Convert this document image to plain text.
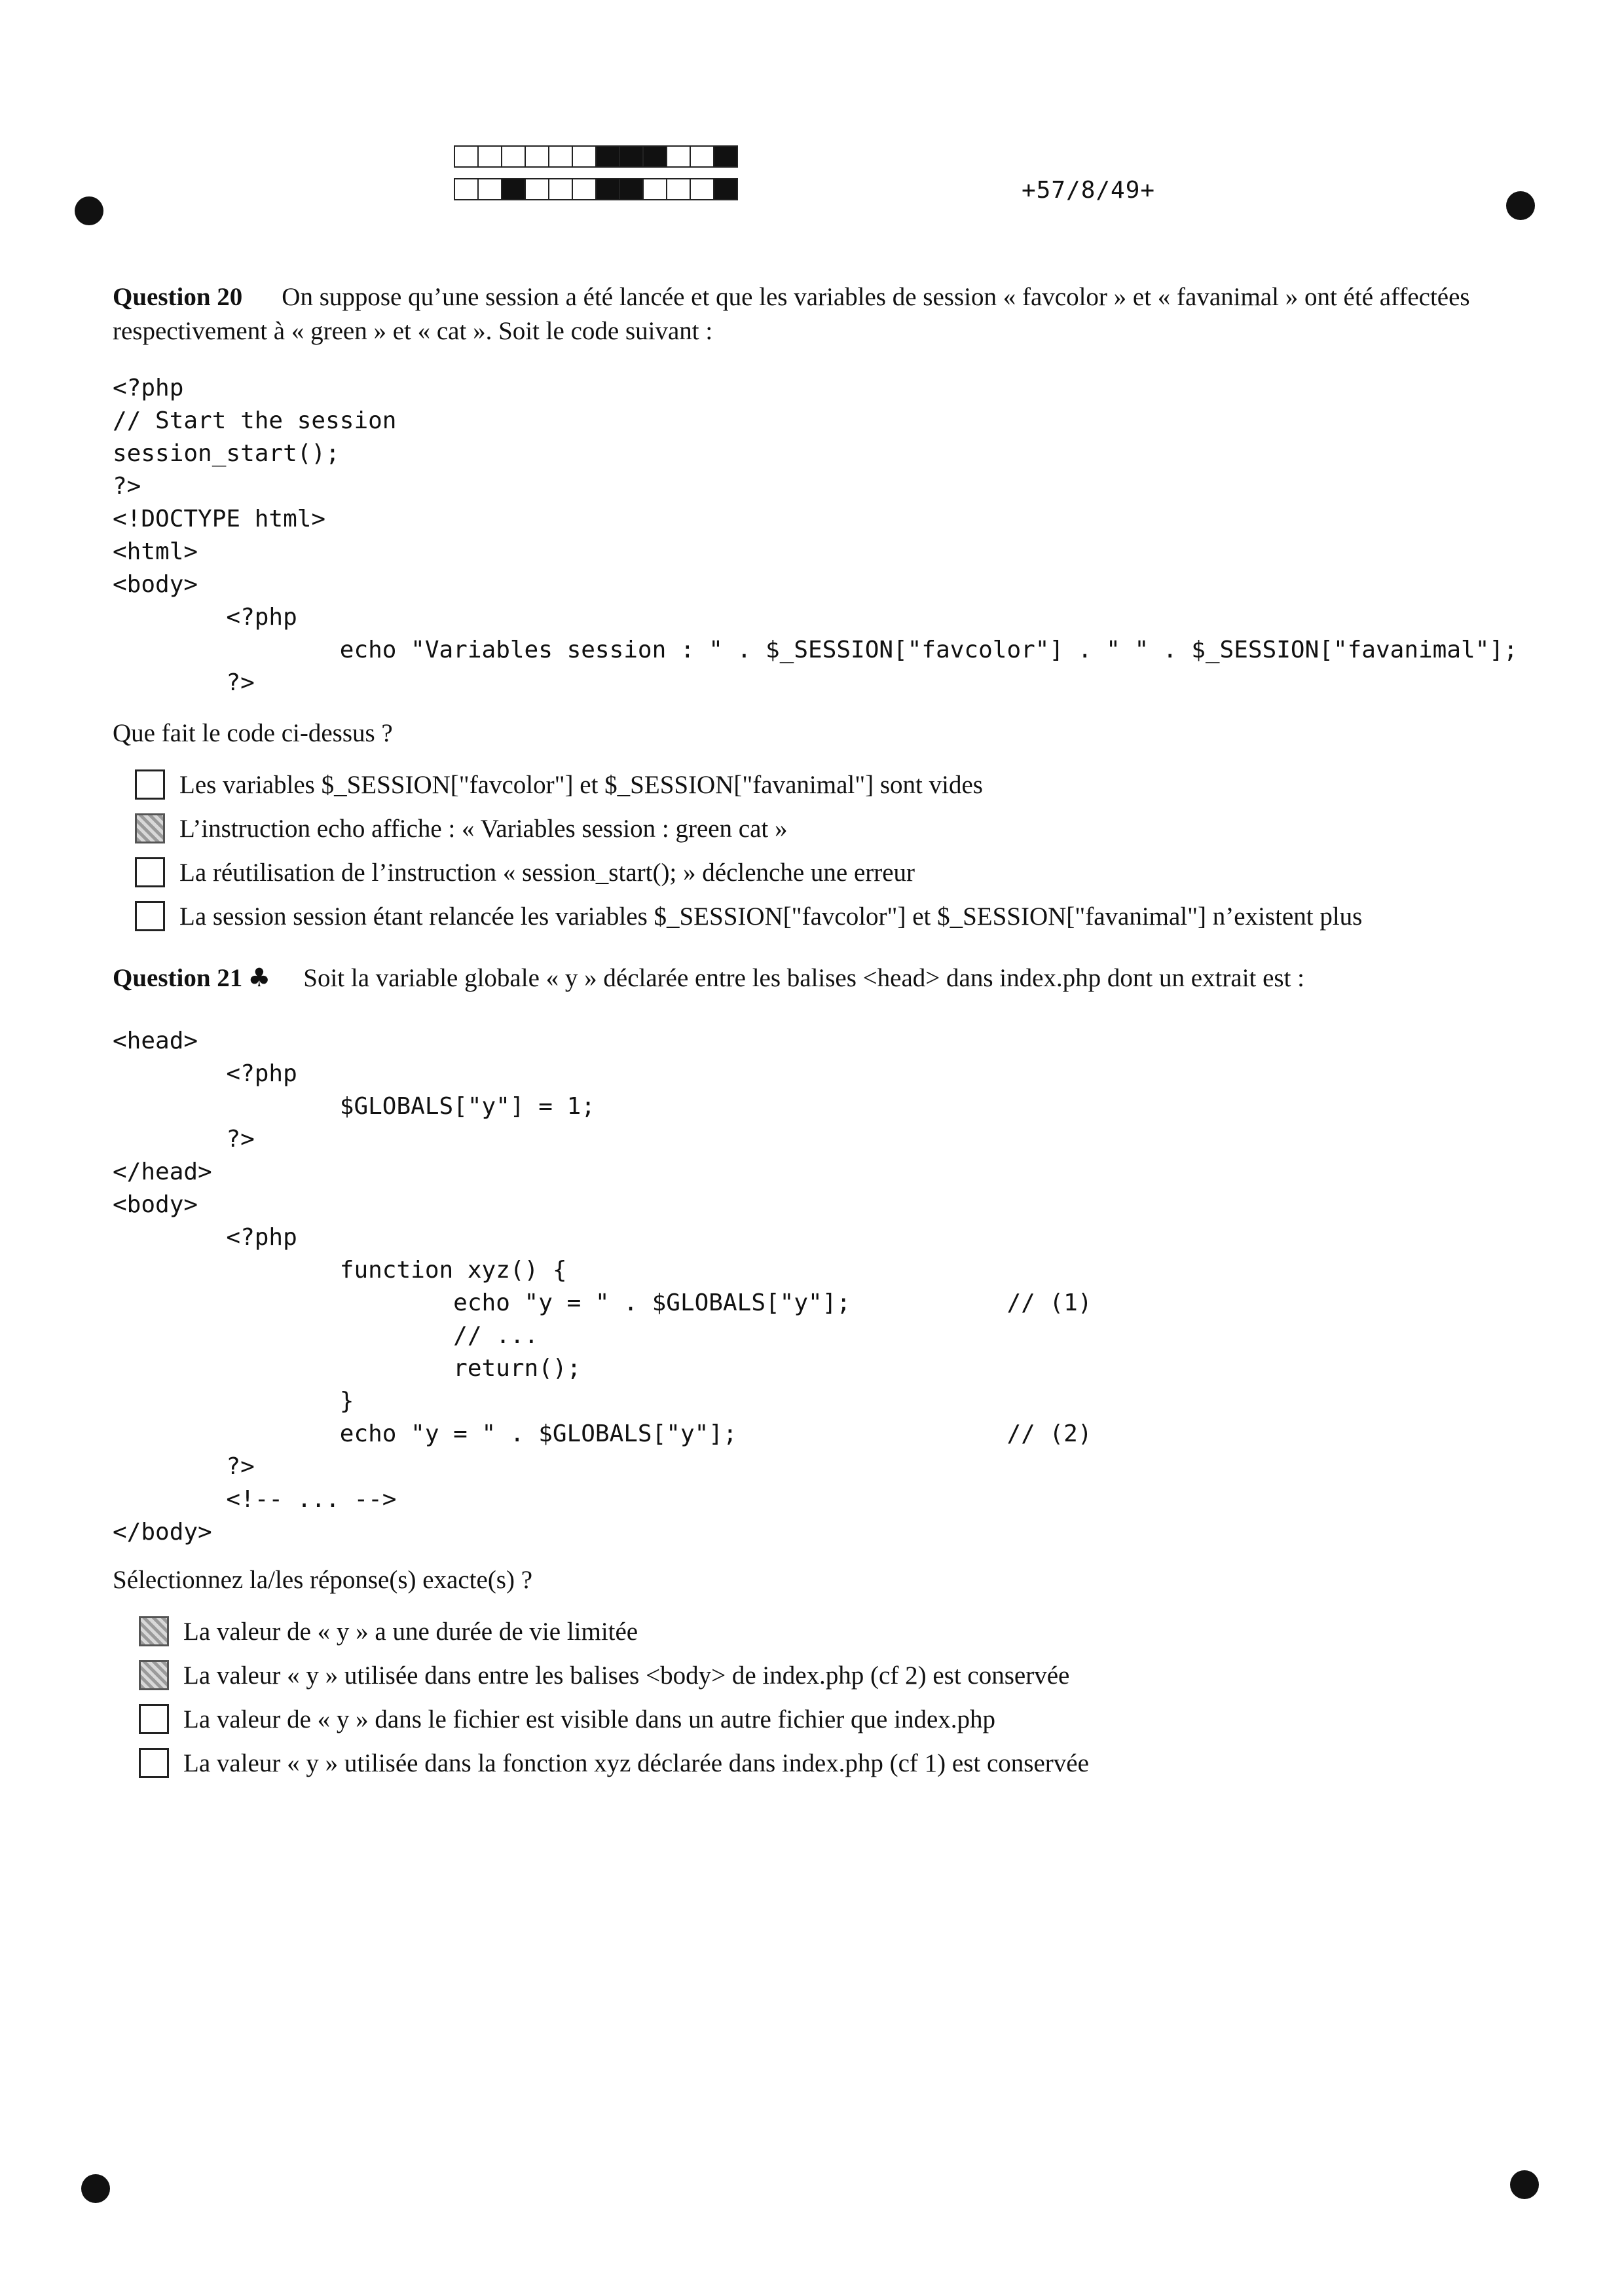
+57/8/49+
Question 20 On suppose qu’une session a été lancée et que les variables de session « favcolor » et « favanimal » ont été affectées respectivement à « green » et « cat ». Soit le code suivant :
<?php
// Start the session
session_start();
?>
<!DOCTYPE html>
<html>
<body>
<?php
echo "Variables session : " . $_SESSION["favcolor"] . " " . $_SESSION["favanimal"];
?>
Que fait le code ci-dessus ?
Les variables $_SESSION["favcolor"] et $_SESSION["favanimal"] sont vides
L’instruction echo affiche : « Variables session : green cat »
La réutilisation de l’instruction « session_start(); » déclenche une erreur
La session session étant relancée les variables $_SESSION["favcolor"] et $_SESSION["favanimal"] n’existent plus
Question 21 ♣ Soit la variable globale « y » déclarée entre les balises <head> dans index.php dont un extrait est :
<head>
<?php
$GLOBALS["y"] = 1;
?>
</head>
<body>
<?php
function xyz() {
echo "y = " . $GLOBALS["y"];           // (1)
// ...
return();
}
echo "y = " . $GLOBALS["y"];                   // (2)
?>
<!-- ... -->
</body>
Sélectionnez la/les réponse(s) exacte(s) ?
La valeur de « y » a une durée de vie limitée
La valeur « y » utilisée dans entre les balises <body> de index.php (cf 2) est conservée
La valeur de « y » dans le fichier est visible dans un autre fichier que index.php
La valeur « y » utilisée dans la fonction xyz déclarée dans index.php (cf 1) est conservée
